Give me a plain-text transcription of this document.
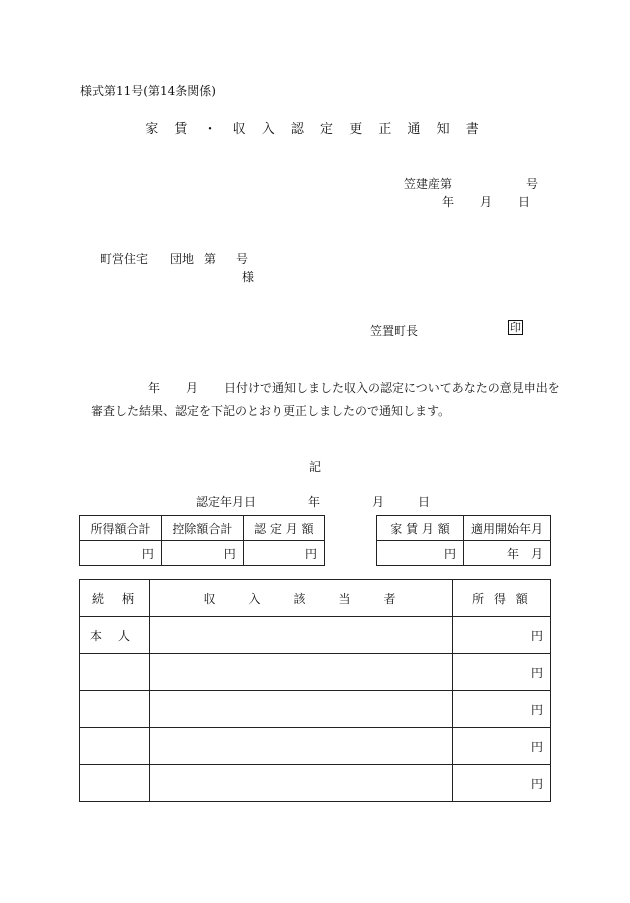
様式第11号(第14条関係)
家 賃 ・ 収 入 認 定 更 正 通 知 書
笠建産第	号
年 月 日
町営住宅 団地 第 号
様
笠置町長	印
年 月 日付けで通知しました収入の認定についてあなたの意見申出を
審査した結果、認定を下記のとおり更正しましたので通知します。
記
認定年月日	年	月	日
所得額合計	控除額合計	認 定 月 額
円	円	円
家 賃 月 額	適用開始年月
円	年　月
続　柄	収　　入　　該　　当　　者	所 得 額
本人		円
		円
		円
		円
		円
